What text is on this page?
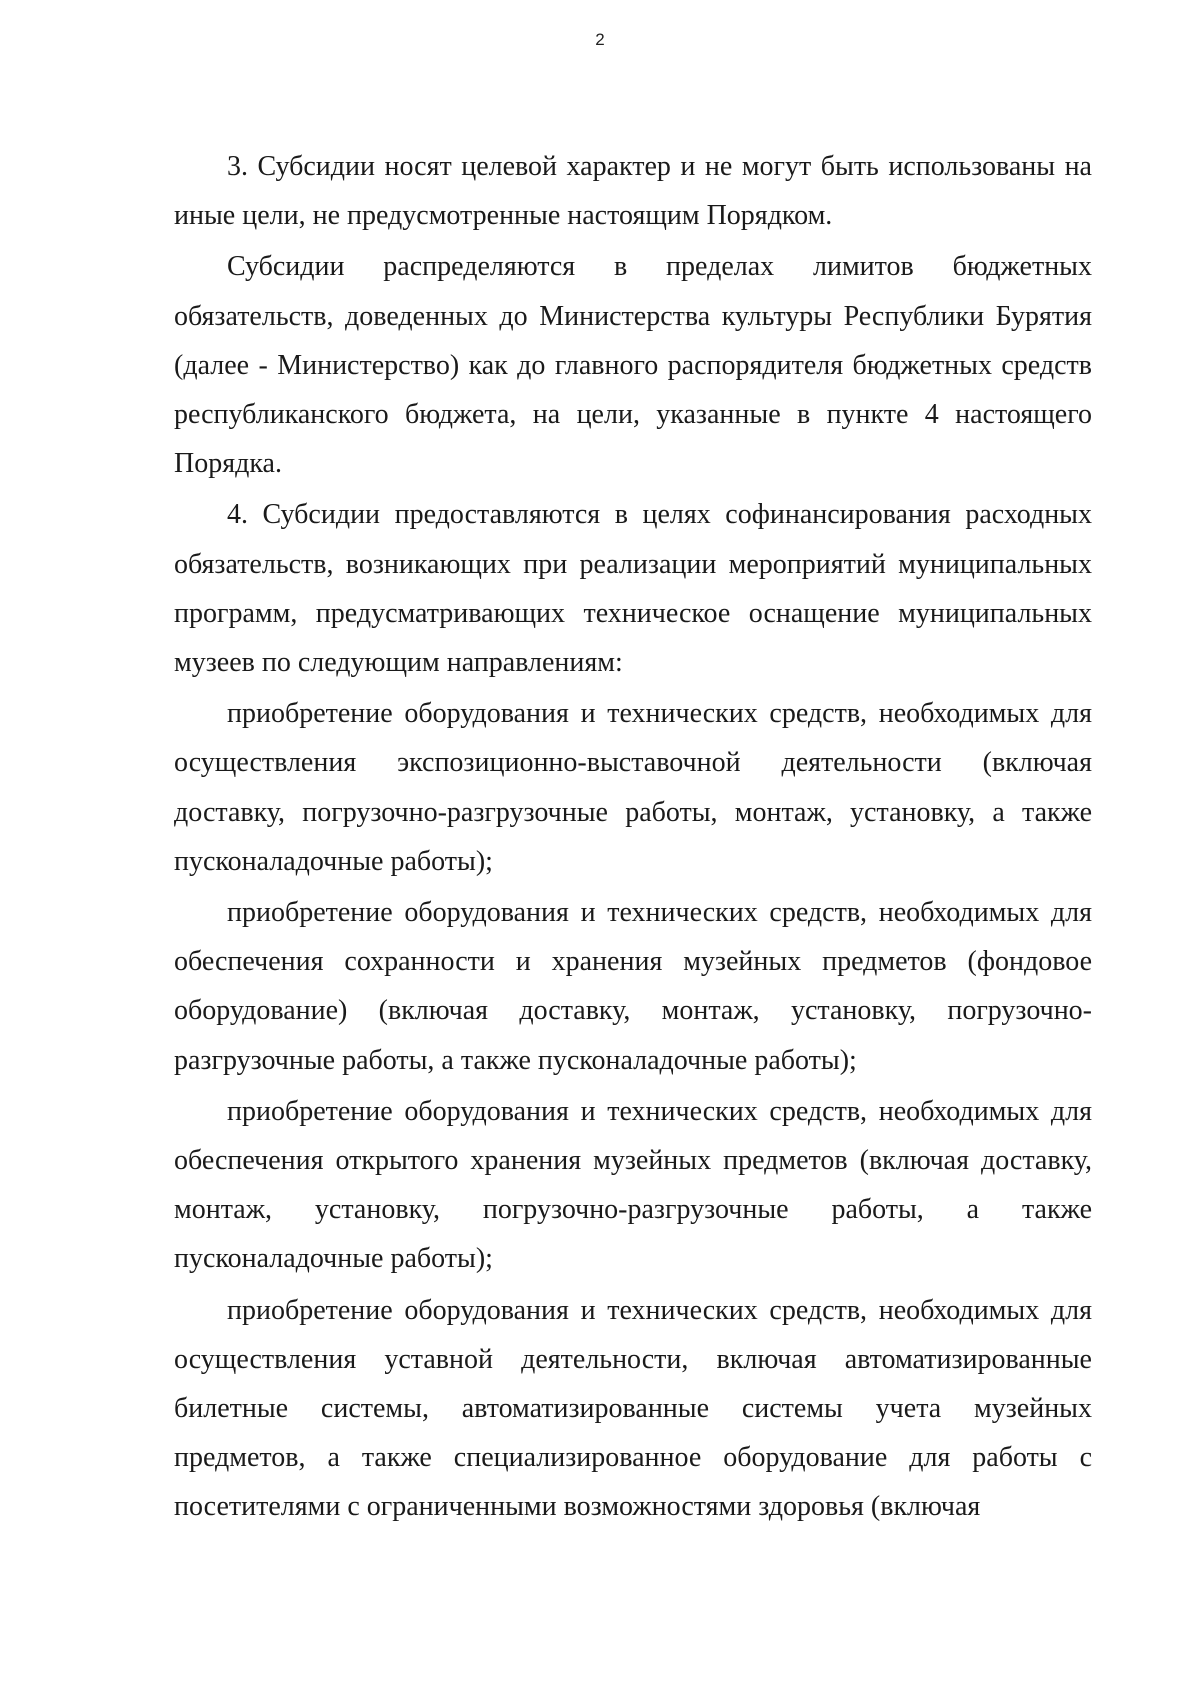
2

3. Субсидии носят целевой характер и не могут быть использованы на иные цели, не предусмотренные настоящим Порядком.

Субсидии распределяются в пределах лимитов бюджетных обязательств, доведенных до Министерства культуры Республики Бурятия (далее - Министерство) как до главного распорядителя бюджетных средств республиканского бюджета, на цели, указанные в пункте 4 настоящего Порядка.

4. Субсидии предоставляются в целях софинансирования расходных обязательств, возникающих при реализации мероприятий муниципальных программ, предусматривающих техническое оснащение муниципальных музеев по следующим направлениям:

приобретение оборудования и технических средств, необходимых для осуществления экспозиционно-выставочной деятельности (включая доставку, погрузочно-разгрузочные работы, монтаж, установку, а также пусконаладочные работы);

приобретение оборудования и технических средств, необходимых для обеспечения сохранности и хранения музейных предметов (фондовое оборудование) (включая доставку, монтаж, установку, погрузочно-разгрузочные работы, а также пусконаладочные работы);

приобретение оборудования и технических средств, необходимых для обеспечения открытого хранения музейных предметов (включая доставку, монтаж, установку, погрузочно-разгрузочные работы, а также пусконаладочные работы);

приобретение оборудования и технических средств, необходимых для осуществления уставной деятельности, включая автоматизированные билетные системы, автоматизированные системы учета музейных предметов, а также специализированное оборудование для работы с посетителями с ограниченными возможностями здоровья (включая
